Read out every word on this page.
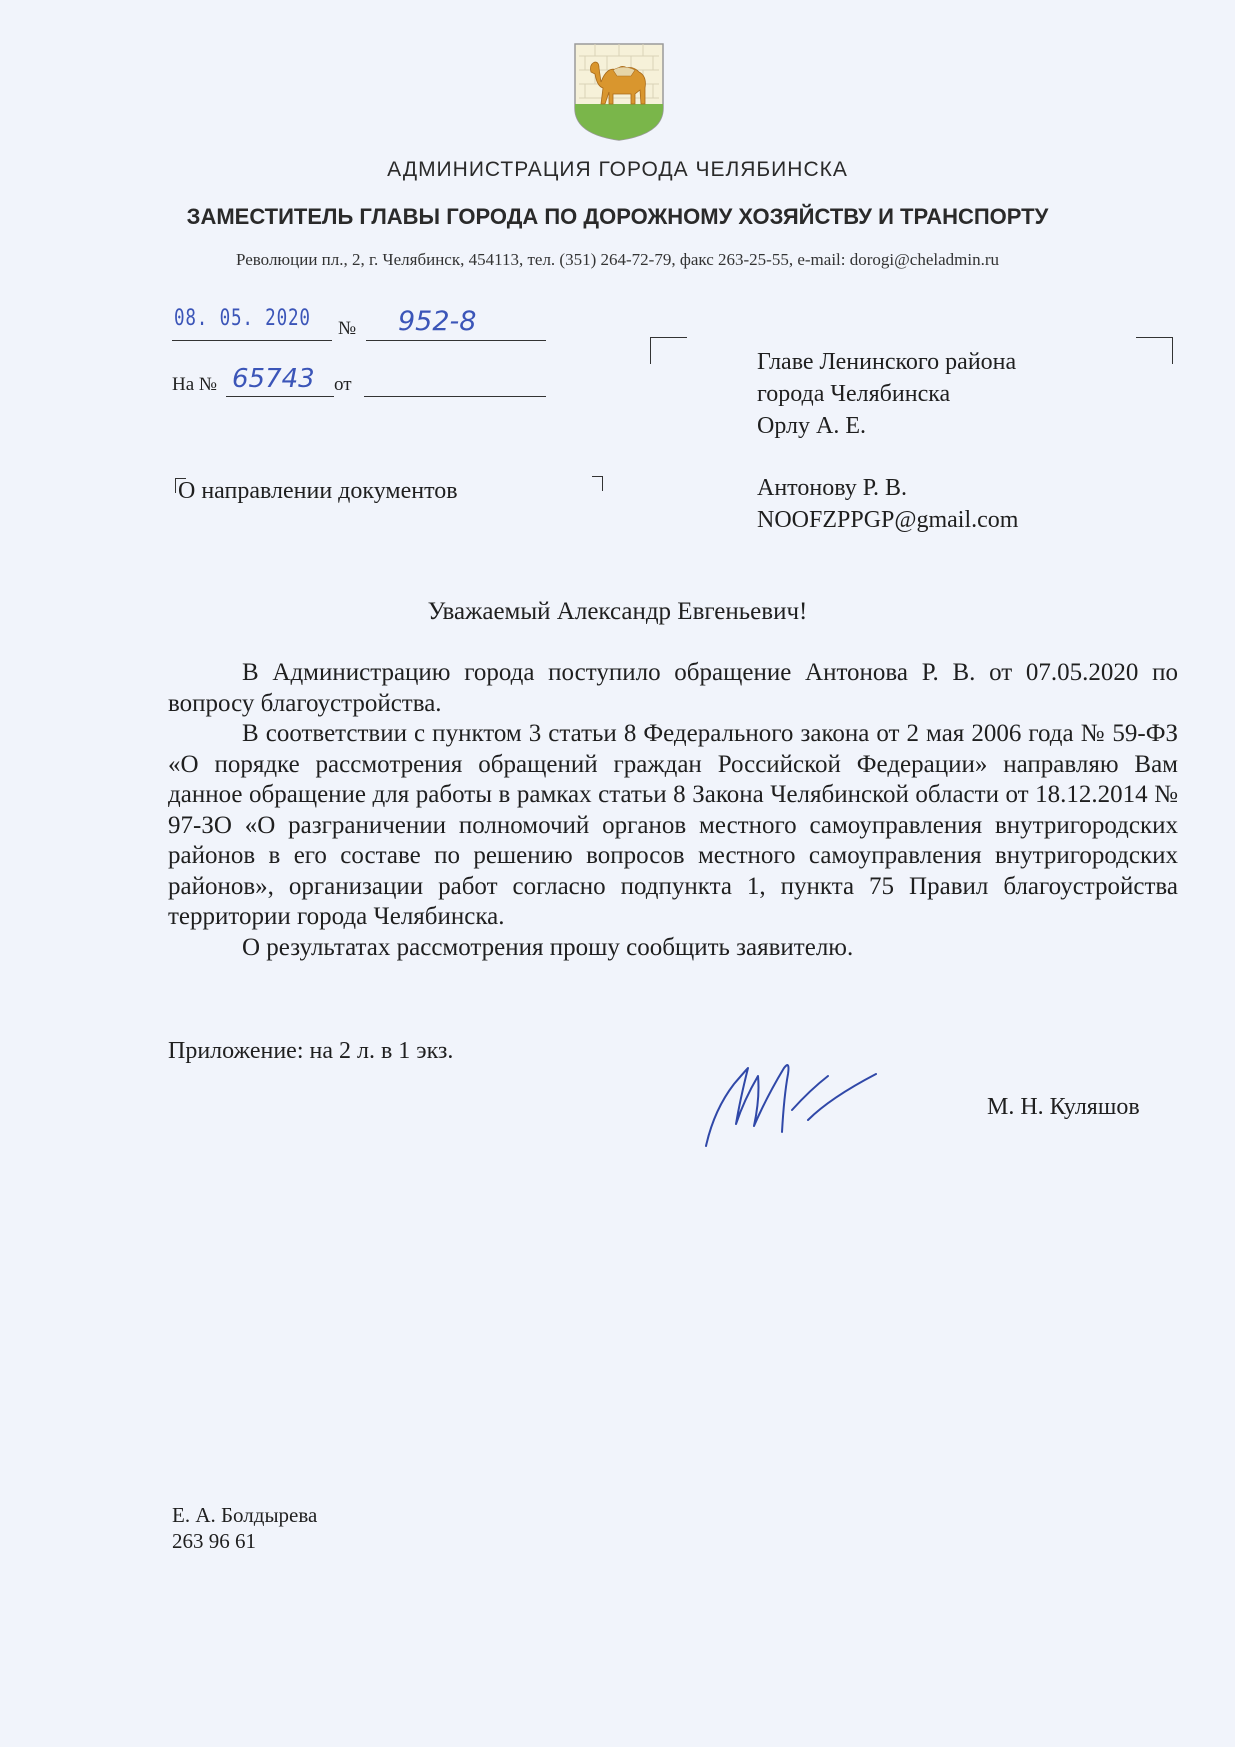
АДМИНИСТРАЦИЯ ГОРОДА ЧЕЛЯБИНСКА
ЗАМЕСТИТЕЛЬ ГЛАВЫ ГОРОДА ПО ДОРОЖНОМУ ХОЗЯЙСТВУ И ТРАНСПОРТУ
Революции пл., 2, г. Челябинск, 454113, тел. (351) 264-72-79, факс 263-25-55, e-mail: dorogi@cheladmin.ru
08. 05. 2020 № 952-8
На № 65743 от
Главе Ленинского района
города Челябинска
Орлу А. Е.
Антонову Р. В.
NOOFZPPGP@gmail.com
О направлении документов
Уважаемый Александр Евгеньевич!

В Администрацию города поступило обращение Антонова Р. В. от 07.05.2020 по вопросу благоустройства.

В соответствии с пунктом 3 статьи 8 Федерального закона от 2 мая 2006 года № 59-ФЗ «О порядке рассмотрения обращений граждан Российской Федерации» направляю Вам данное обращение для работы в рамках статьи 8 Закона Челябинской области от 18.12.2014 № 97-ЗО «О разграничении полномочий органов местного самоуправления внутригородских районов в его составе по решению вопросов местного самоуправления внутригородских районов», организации работ согласно подпункта 1, пункта 75 Правил благоустройства территории города Челябинска.

О результатах рассмотрения прошу сообщить заявителю.

Приложение: на 2 л. в 1 экз.
М. Н. Куляшов
Е. А. Болдырева
263 96 61
